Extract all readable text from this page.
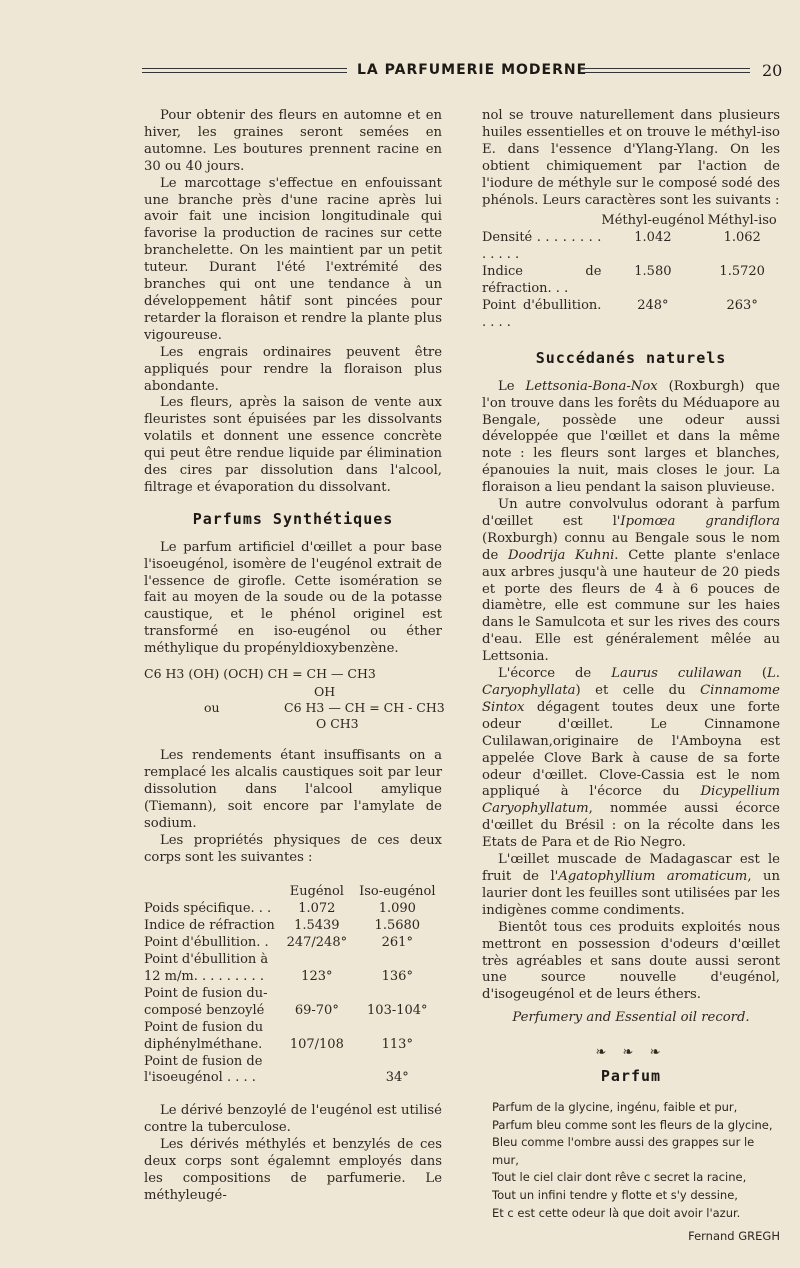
LA PARFUMERIE MODERNE	20

Pour obtenir des fleurs en automne et en hiver, les graines seront semées en automne. Les boutures prennent racine en 30 ou 40 jours.

Le marcottage s'effectue en enfouissant une branche près d'une racine après lui avoir fait une incision longitudinale qui favorise la production de racines sur cette branchelette. On les maintient par un petit tuteur. Durant l'été l'extrémité des branches qui ont une tendance à un développement hâtif sont pincées pour retarder la floraison et rendre la plante plus vigoureuse.

Les engrais ordinaires peuvent être appliqués pour rendre la floraison plus abondante.

Les fleurs, après la saison de vente aux fleuristes sont épuisées par les dissolvants volatils et donnent une essence concrète qui peut être rendue liquide par élimination des cires par dissolution dans l'alcool, filtrage et évaporation du dissolvant.

Parfums Synthétiques

Le parfum artificiel d'œillet a pour base l'isoeugénol, isomère de l'eugénol extrait de l'essence de girofle. Cette isomération se fait au moyen de la soude ou de la potasse caustique, et le phénol originel est transformé en iso-eugénol ou éther méthylique du propényldioxybenzène.

C6 H3 (OH) (OCH) CH = CH — CH3
OH
ou	C6 H3 — CH = CH - CH3
O CH3

Les rendements étant insuffisants on a remplacé les alcalis caustiques soit par leur dissolution dans l'alcool amylique (Tiemann), soit encore par l'amylate de sodium.

Les propriétés physiques de ces deux corps sont les suivantes :

	Eugénol	Iso-eugénol
Poids spécifique. . .	1.072	1.090
Indice de réfraction	1.5439	1.5680
Point d'ébullition. .	247/248°	261°
Point d'ébullition à		
12 m/m. . . . . . . . .	123°	136°
Point de fusion du-		
composé benzoylé	69-70°	103-104°
Point de fusion du		
diphénylméthane.	107/108	113°
Point de fusion de		
l'isoeugénol . . . .		34°

Le dérivé benzoylé de l'eugénol est utilisé contre la tuberculose.

Les dérivés méthylés et benzylés de ces deux corps sont égalemnt employés dans les compositions de parfumerie. Le méthyleugé-

nol se trouve naturellement dans plusieurs huiles essentielles et on trouve le méthyl-iso E. dans l'essence d'Ylang-Ylang. On les obtient chimiquement par l'action de l'iodure de méthyle sur le composé sodé des phénols. Leurs caractères sont les suivants :

	Méthyl-eugénol	Méthyl-iso
Densité . . . . . . . . . . . . .	1.042	1.062
Indice de réfraction. . .	1.580	1.5720
Point d'ébullition. . . . .	248°	263°
Succédanés naturels

Le Lettsonia-Bona-Nox (Roxburgh) que l'on trouve dans les forêts du Méduapore au Bengale, possède une odeur aussi développée que l'œillet et dans la même note : les fleurs sont larges et blanches, épanouies la nuit, mais closes le jour. La floraison a lieu pendant la saison pluvieuse.

Un autre convolvulus odorant à parfum d'œillet est l'Ipomœa grandiflora (Roxburgh) connu au Bengale sous le nom de Doodrija Kuhni. Cette plante s'enlace aux arbres jusqu'à une hauteur de 20 pieds et porte des fleurs de 4 à 6 pouces de diamètre, elle est commune sur les haies dans le Samulcota et sur les rives des cours d'eau. Elle est généralement mêlée au Lettsonia.

L'écorce de Laurus culilawan (L. Caryophyllata) et celle du Cinnamome Sintox dégagent toutes deux une forte odeur d'œillet. Le Cinnamone Culilawan,originaire de l'Amboyna est appelée Clove Bark à cause de sa forte odeur d'œillet. Clove-Cassia est le nom appliqué à l'écorce du Dicypellium Caryophyllatum, nommée aussi écorce d'œillet du Brésil : on la récolte dans les Etats de Para et de Rio Negro.

L'œillet muscade de Madagascar est le fruit de l'Agatophyllium aromaticum, un laurier dont les feuilles sont utilisées par les indigènes comme condiments.

Bientôt tous ces produits exploités nous mettront en possession d'odeurs d'œillet très agréables et sans doute aussi seront une source nouvelle d'eugénol, d'isogeugénol et de leurs éthers.

Perfumery and Essential oil record.
❧ ❧ ❧
Parfum
Parfum de la glycine, ingénu, faible et pur,
Parfum bleu comme sont les fleurs de la glycine,
Bleu comme l'ombre aussi des grappes sur le mur,
Tout le ciel clair dont rêve c secret la racine,
Tout un infini tendre y flotte et s'y dessine,
Et c est cette odeur là que doit avoir l'azur.
Fernand GREGH
